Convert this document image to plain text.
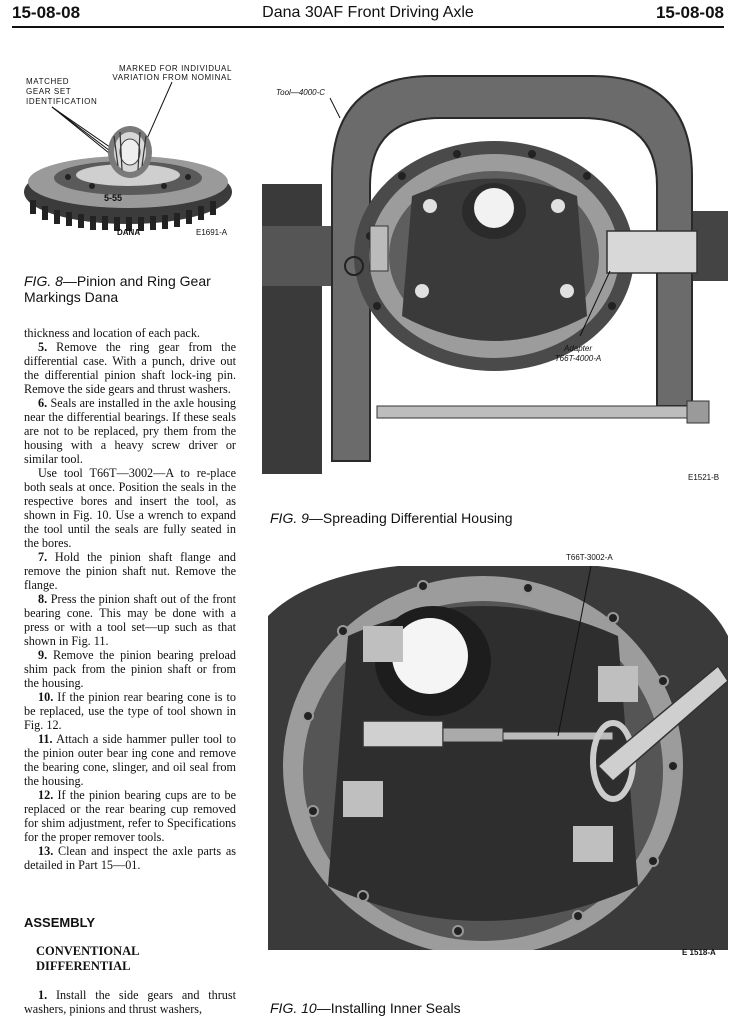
15-08-08	Dana 30AF Front Driving Axle	15-08-08
MARKED FOR INDIVIDUAL
VARIATION FROM NOMINAL
MATCHED
GEAR SET
IDENTIFICATION
5-55
DANA	E1691-A
FIG. 8—Pinion and Ring Gear
Markings Dana
Tool—4000-C
Adapter
T66T-4000-A
E1521-B
FIG. 9—Spreading Differential Housing
T66T-3002-A
E 1518-A
FIG. 10—Installing Inner Seals

thickness and location of each pack.

5. Remove the ring gear from the differential case. With a punch, drive out the differential pinion shaft lock-ing pin. Remove the side gears and thrust washers.

6. Seals are installed in the axle housing near the differential bearings. If these seals are not to be replaced, pry them from the housing with a heavy screw driver or similar tool.

Use tool T66T—3002—A to re-place both seals at once. Position the seals in the respective bores and insert the tool, as shown in Fig. 10. Use a wrench to expand the tool until the seals are fully seated in the bores.

7. Hold the pinion shaft flange and remove the pinion shaft nut. Remove the flange.

8. Press the pinion shaft out of the front bearing cone. This may be done with a press or with a tool set—up such as that shown in Fig. 11.

9. Remove the pinion bearing preload shim pack from the pinion shaft or from the housing.

10. If the pinion rear bearing cone is to be replaced, use the type of tool shown in Fig. 12.

11. Attach a side hammer puller tool to the pinion outer bear ing cone and remove the bearing cone, slinger, and oil seal from the housing.

12. If the pinion bearing cups are to be replaced or the rear bearing cup removed for shim adjustment, refer to Specifications for the proper remover tools.

13. Clean and inspect the axle parts as detailed in Part 15—01.

ASSEMBLY
CONVENTIONAL
DIFFERENTIAL

1. Install the side gears and thrust washers, pinions and thrust washers,
